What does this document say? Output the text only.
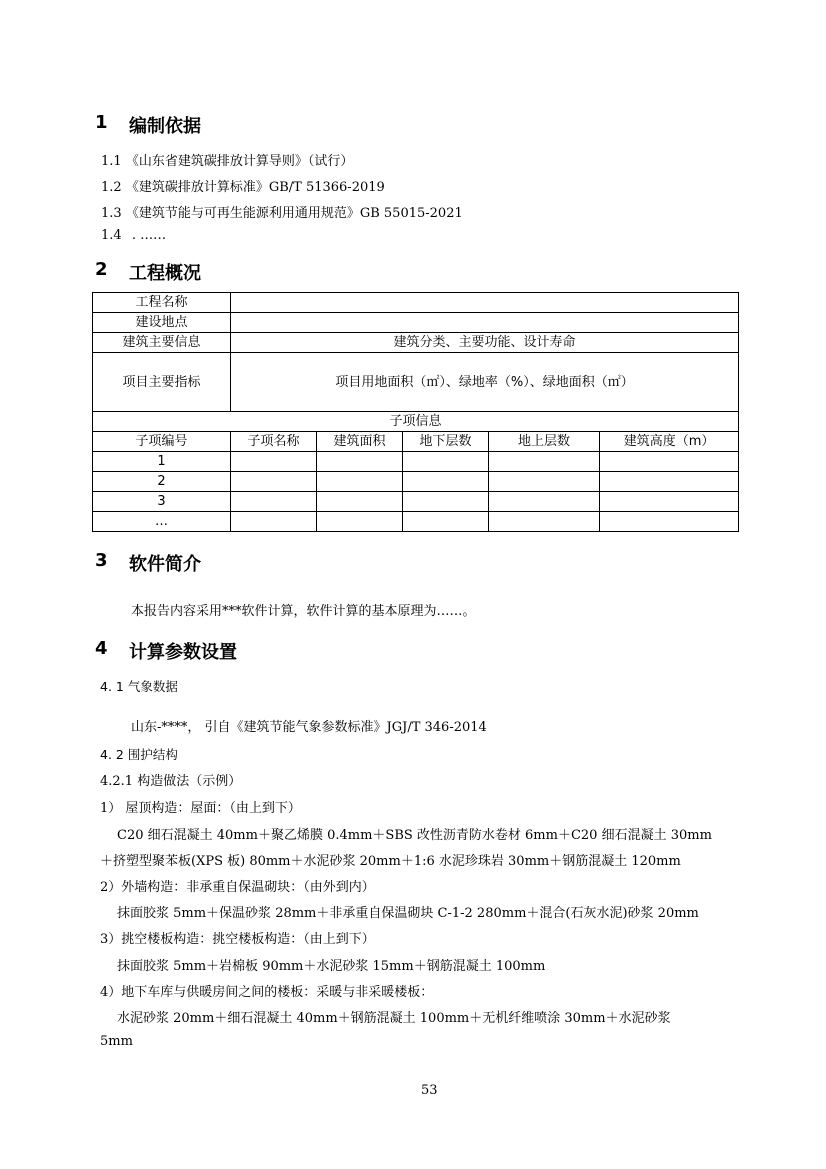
1 编制依据
1.1 《山东省建筑碳排放计算导则》（试行）
1.2 《建筑碳排放计算标准》GB/T 51366-2019
1.3 《建筑节能与可再生能源利用通用规范》GB 55015-2021
1.4 . ……
2 工程概况
工程名称					
建设地点					
建筑主要信息	建筑分类、主要功能、设计寿命				
项目主要指标	项目用地面积（㎡）、绿地率（%）、绿地面积（㎡）				
子项信息					
子项编号	子项名称	建筑面积	地下层数	地上层数	建筑高度（m）
1					
2					
3					
…					
3 软件简介
本报告内容采用***软件计算，软件计算的基本原理为……。
4 计算参数设置
4. 1 气象数据
山东-****， 引自《建筑节能气象参数标准》JGJ/T 346-2014
4. 2 围护结构
4.2.1 构造做法（示例）
1） 屋顶构造：屋面：（由上到下）
C20 细石混凝土 40mm＋聚乙烯膜 0.4mm＋SBS 改性沥青防水卷材 6mm＋C20 细石混凝土 30mm
＋挤塑型聚苯板(XPS 板) 80mm＋水泥砂浆 20mm＋1:6 水泥珍珠岩 30mm＋钢筋混凝土 120mm
2）外墙构造：非承重自保温砌块：（由外到内）
抹面胶浆 5mm＋保温砂浆 28mm＋非承重自保温砌块 C-1-2 280mm＋混合(石灰水泥)砂浆 20mm
3）挑空楼板构造：挑空楼板构造：（由上到下）
抹面胶浆 5mm＋岩棉板 90mm＋水泥砂浆 15mm＋钢筋混凝土 100mm
4）地下车库与供暖房间之间的楼板：采暖与非采暖楼板：
水泥砂浆 20mm＋细石混凝土 40mm＋钢筋混凝土 100mm＋无机纤维喷涂 30mm＋水泥砂浆
5mm
53
